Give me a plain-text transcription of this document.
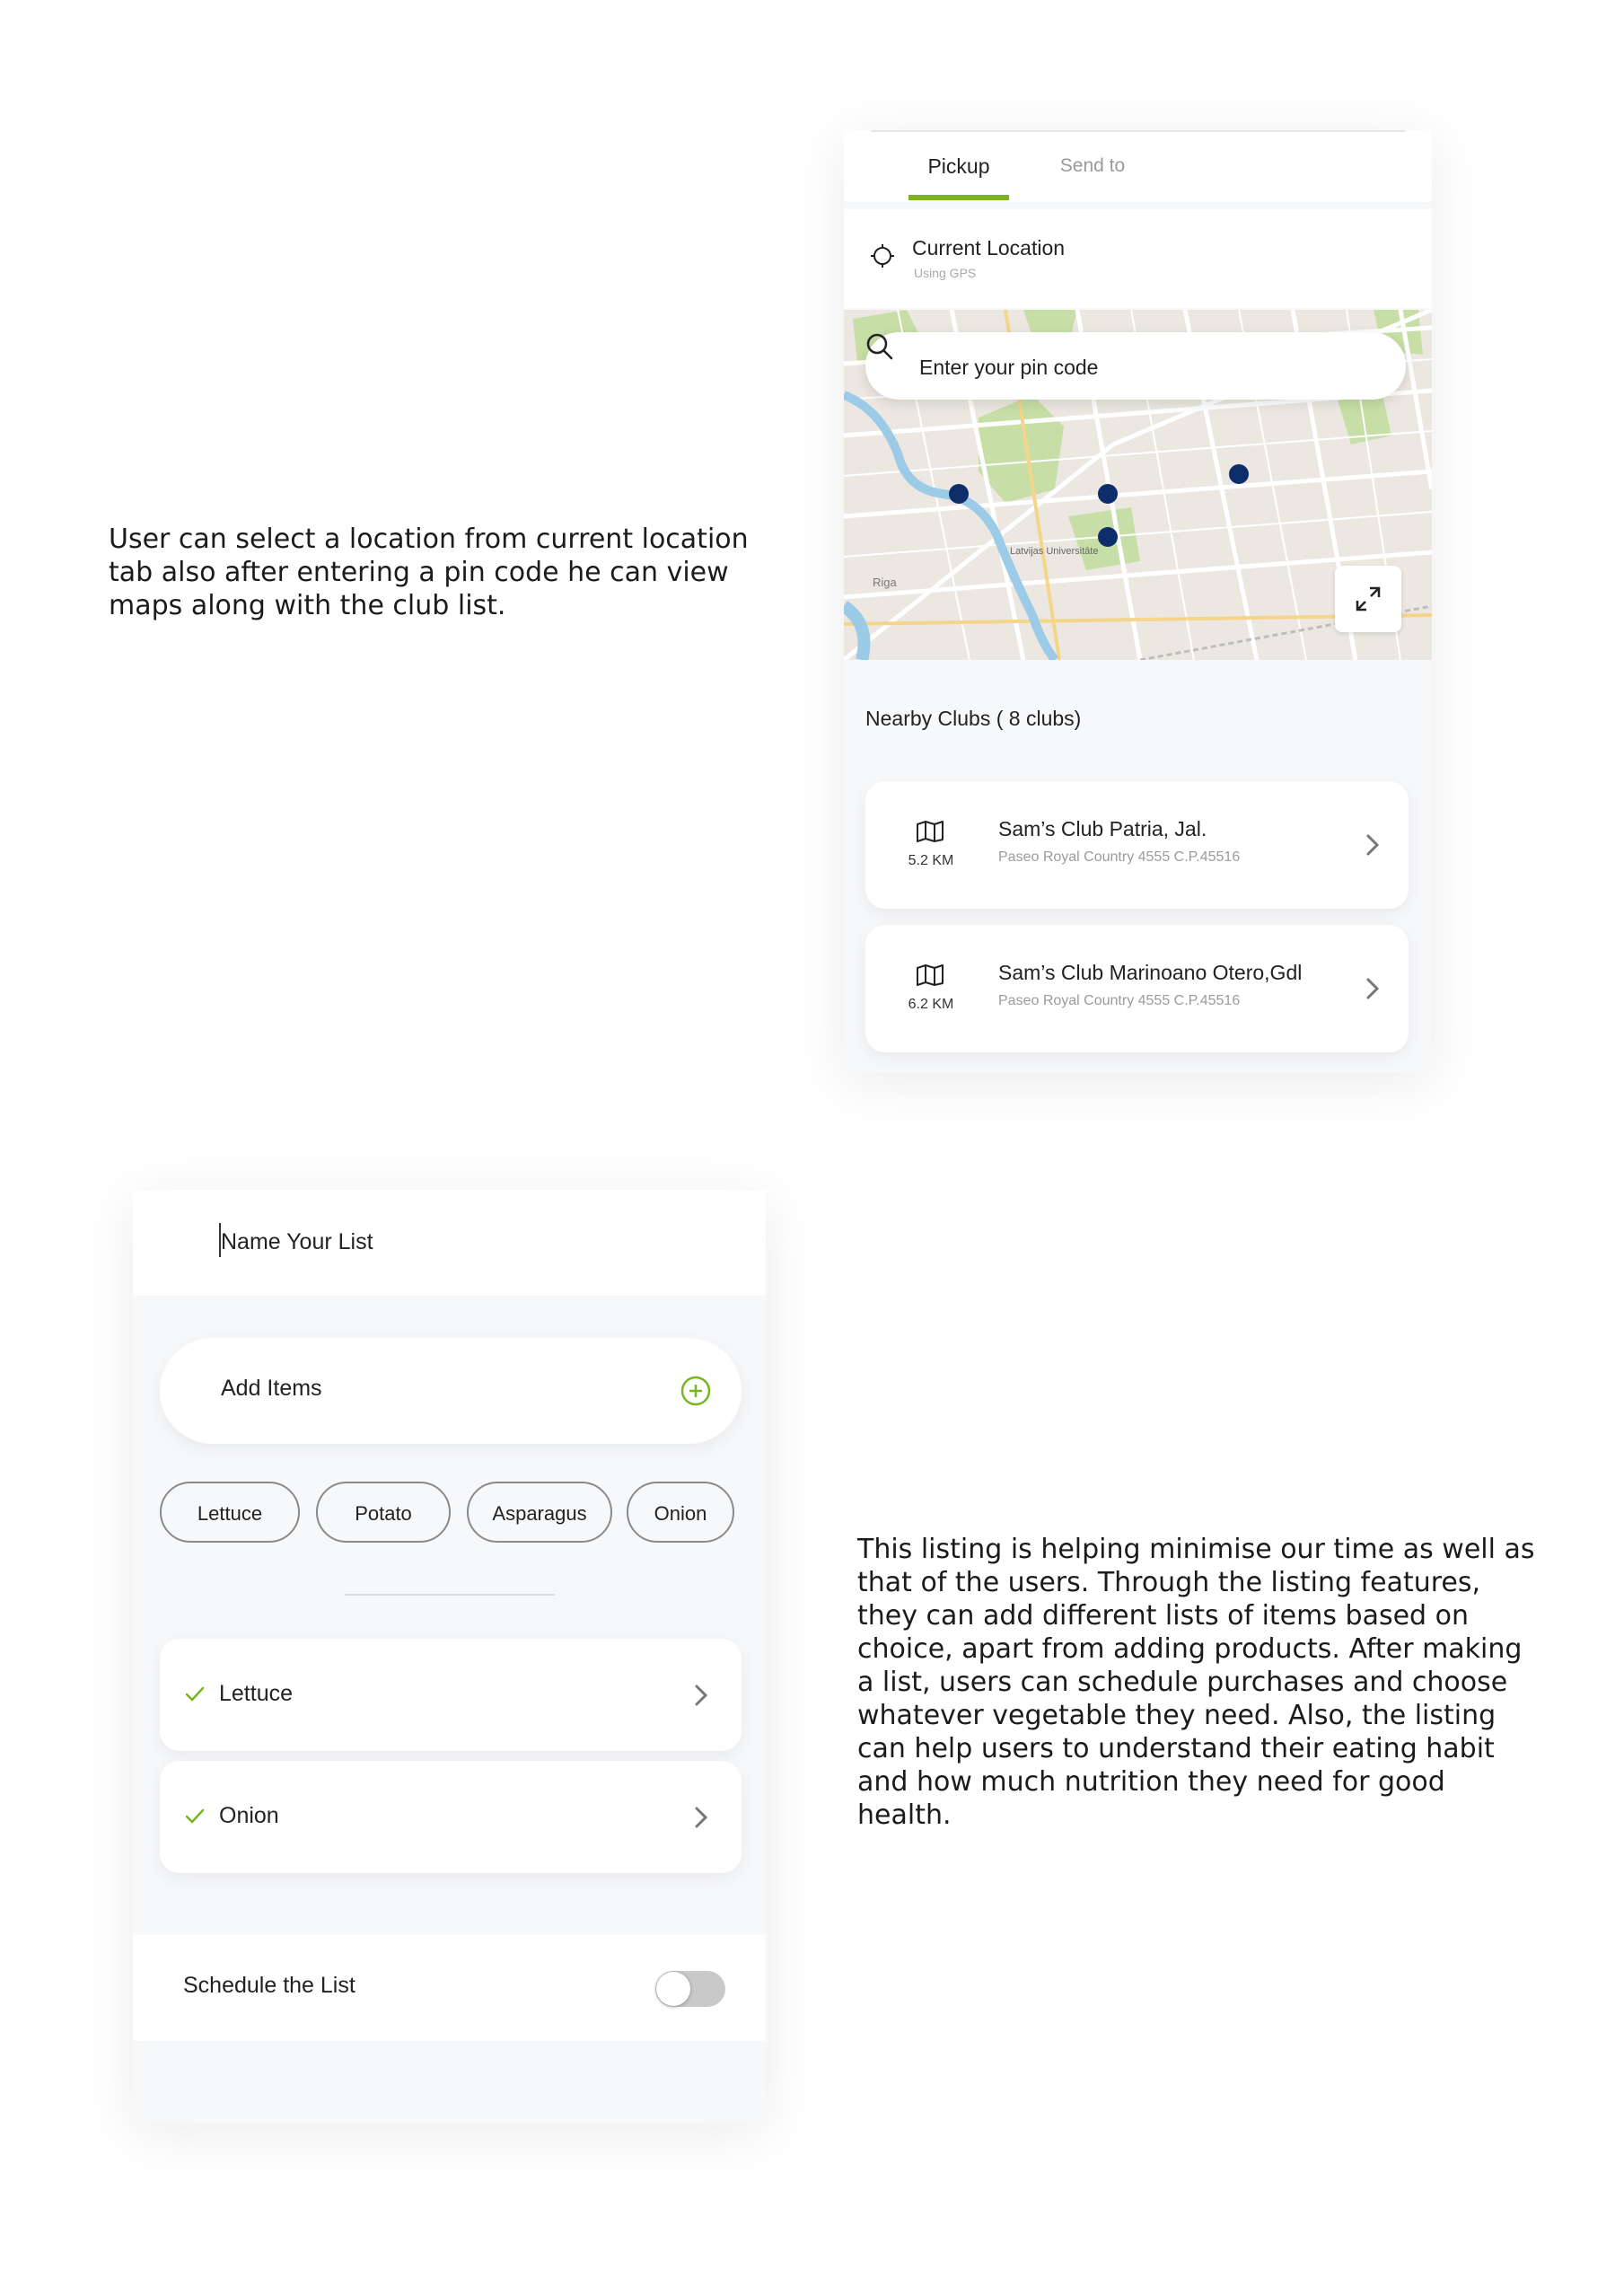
User can select a location from current location tab also after entering a pin code he can view maps along with the club list.

This listing is helping minimise our time as well as that of the users. Through the listing features, they can add different lists of items based on choice, apart from adding products. After making a list, users can schedule purchases and choose whatever vegetable they need. Also, the listing can help users to understand their eating habit and how much nutrition they need for good health.

Pickup	Send to
Current Location
Using GPS
Riga
Latvijas Universitāte
Enter your pin code
Nearby Clubs ( 8 clubs)
5.2 KM
Sam’s Club Patria, Jal.
Paseo Royal Country 4555 C.P.45516
6.2 KM
Sam’s Club Marinoano Otero,Gdl
Paseo Royal Country 4555 C.P.45516
Name Your List
Add Items
Lettuce	Potato	Asparagus	Onion
Lettuce
Onion
Schedule the List
